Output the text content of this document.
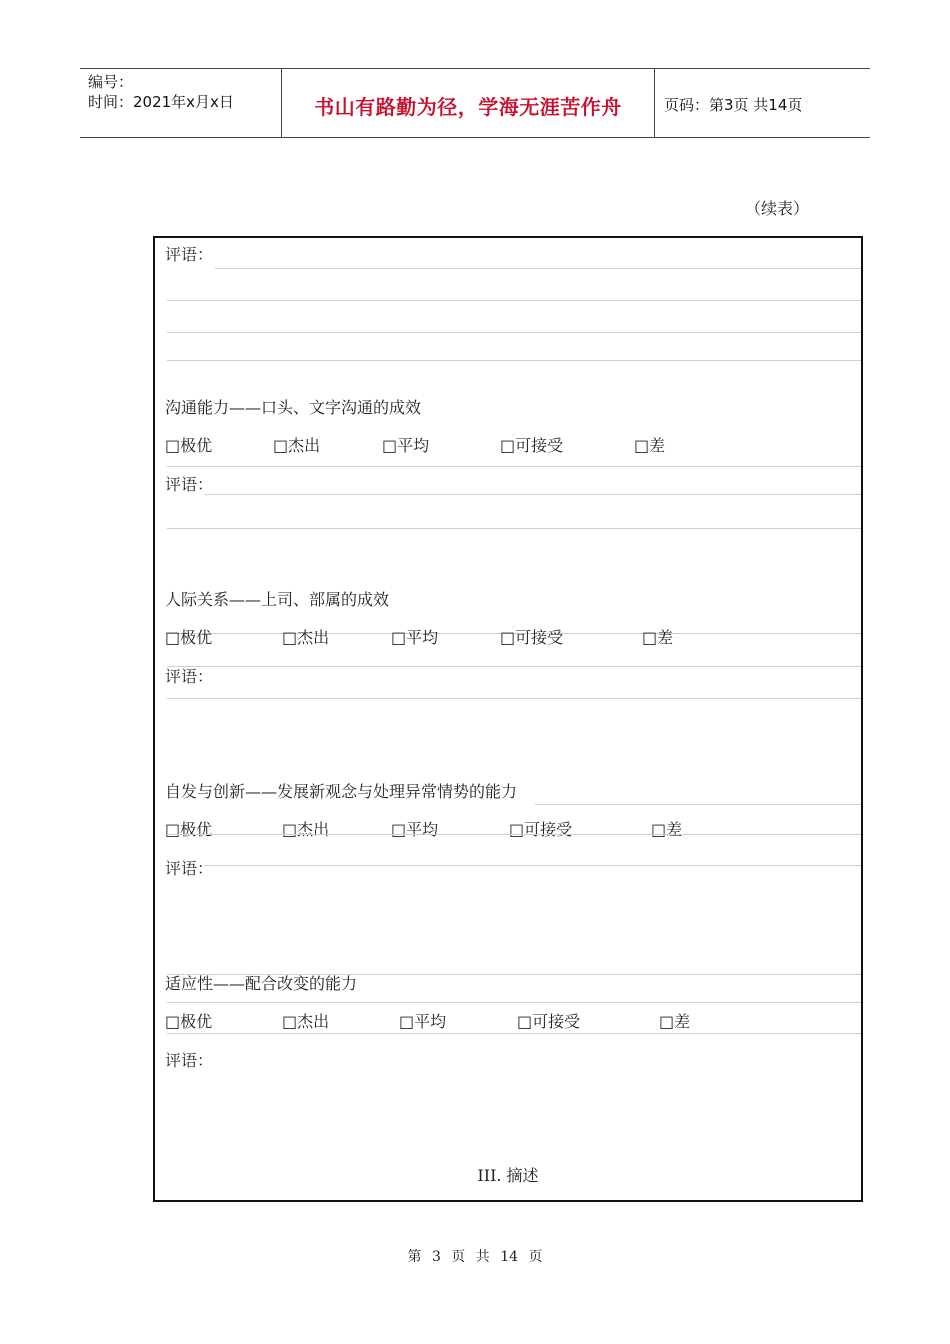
编号：
时间：2021年x月x日	书山有路勤为径，学海无涯苦作舟	页码：第3页 共14页
（续表）
评语：
沟通能力——口头、文字沟通的成效
□极优	□杰出	□平均	□可接受	□差
评语：
人际关系——上司、部属的成效
□极优	□杰出	□平均	□可接受	□差
评语：
自发与创新——发展新观念与处理异常情势的能力
□极优	□杰出	□平均	□可接受	□差
评语：
适应性——配合改变的能力
□极优	□杰出	□平均	□可接受	□差
评语：
III. 摘述
第 3 页 共 14 页
